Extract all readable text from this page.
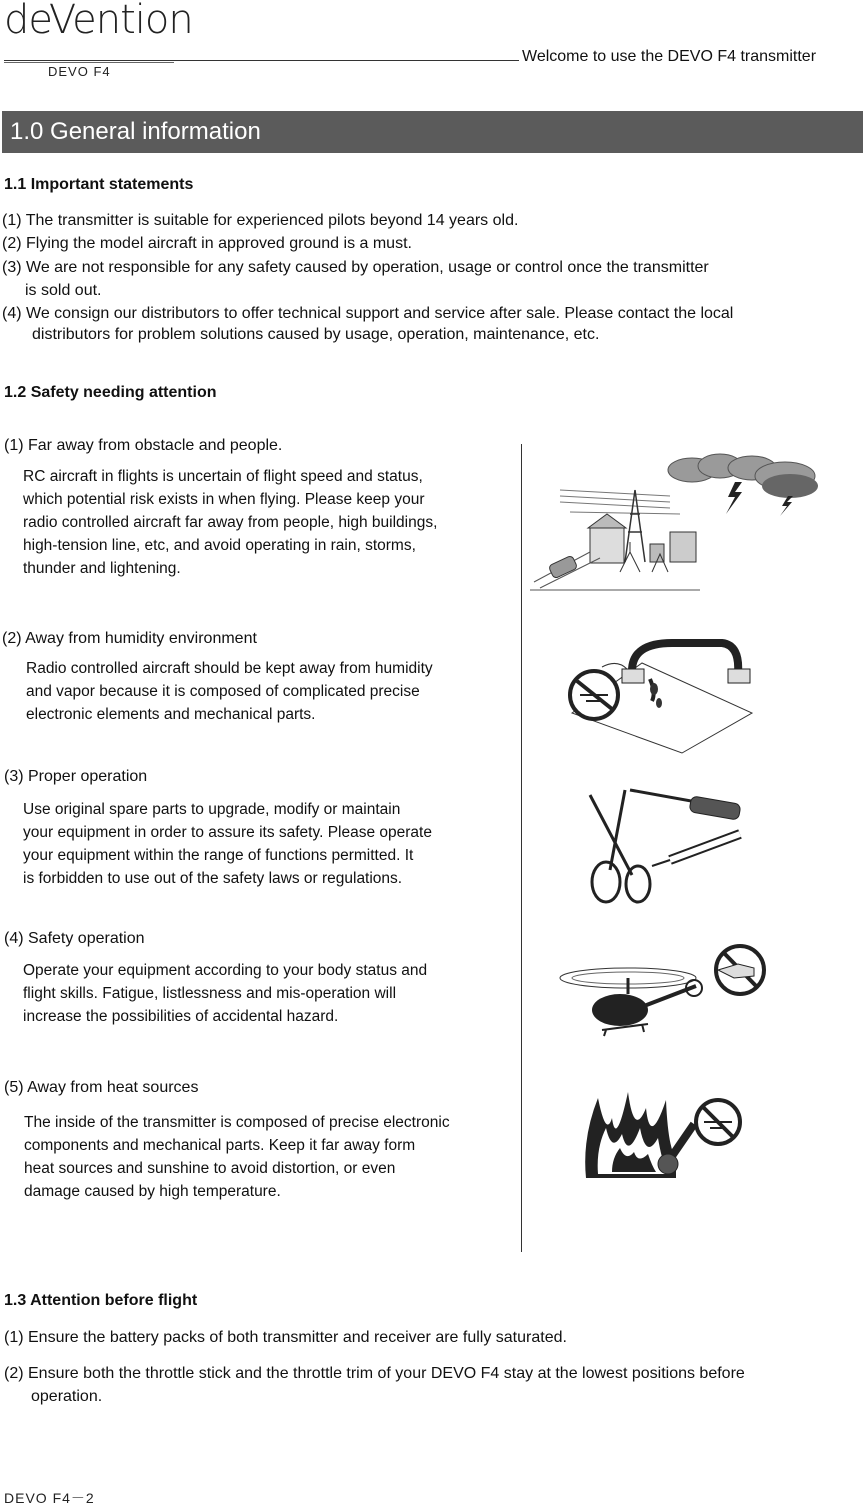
deVention
DEVO F4
Welcome to use the DEVO F4 transmitter
1.0 General information
1.1 Important statements
(1) The transmitter is suitable for experienced pilots beyond 14 years old.
(2) Flying the model aircraft in approved ground is a must.
(3) We are not responsible for any safety caused by operation, usage or control once the transmitter
is sold out.
(4) We consign our distributors to offer technical support and service after sale. Please contact the local
distributors for problem solutions caused by usage, operation, maintenance, etc.
1.2 Safety needing attention
(1) Far away from obstacle and people.
RC aircraft in flights is uncertain of flight speed and status,
which potential risk exists in when flying. Please keep your
radio controlled aircraft far away from people, high buildings,
high-tension line, etc, and avoid operating in rain, storms,
thunder and lightening.
(2) Away from humidity environment
Radio controlled aircraft should be kept away from humidity
and vapor because it is composed of complicated precise
electronic elements and mechanical parts.
(3) Proper operation
Use original spare parts to upgrade, modify or maintain
your equipment in order to assure its safety. Please operate
your equipment within the range of functions permitted. It
is forbidden to use out of the safety laws or regulations.
(4) Safety operation
Operate your equipment according to your body status and
flight skills. Fatigue, listlessness and mis-operation will
increase the possibilities of accidental hazard.
(5) Away from heat sources
The inside of the transmitter is composed of precise electronic
components and mechanical parts. Keep it far away form
heat sources and sunshine to avoid distortion, or even
damage caused by high temperature.
1.3 Attention before flight
(1) Ensure the battery packs of both transmitter and receiver are fully saturated.
(2) Ensure both the throttle stick and the throttle trim of your DEVO F4 stay at the lowest positions before
operation.
DEVO F4－2
